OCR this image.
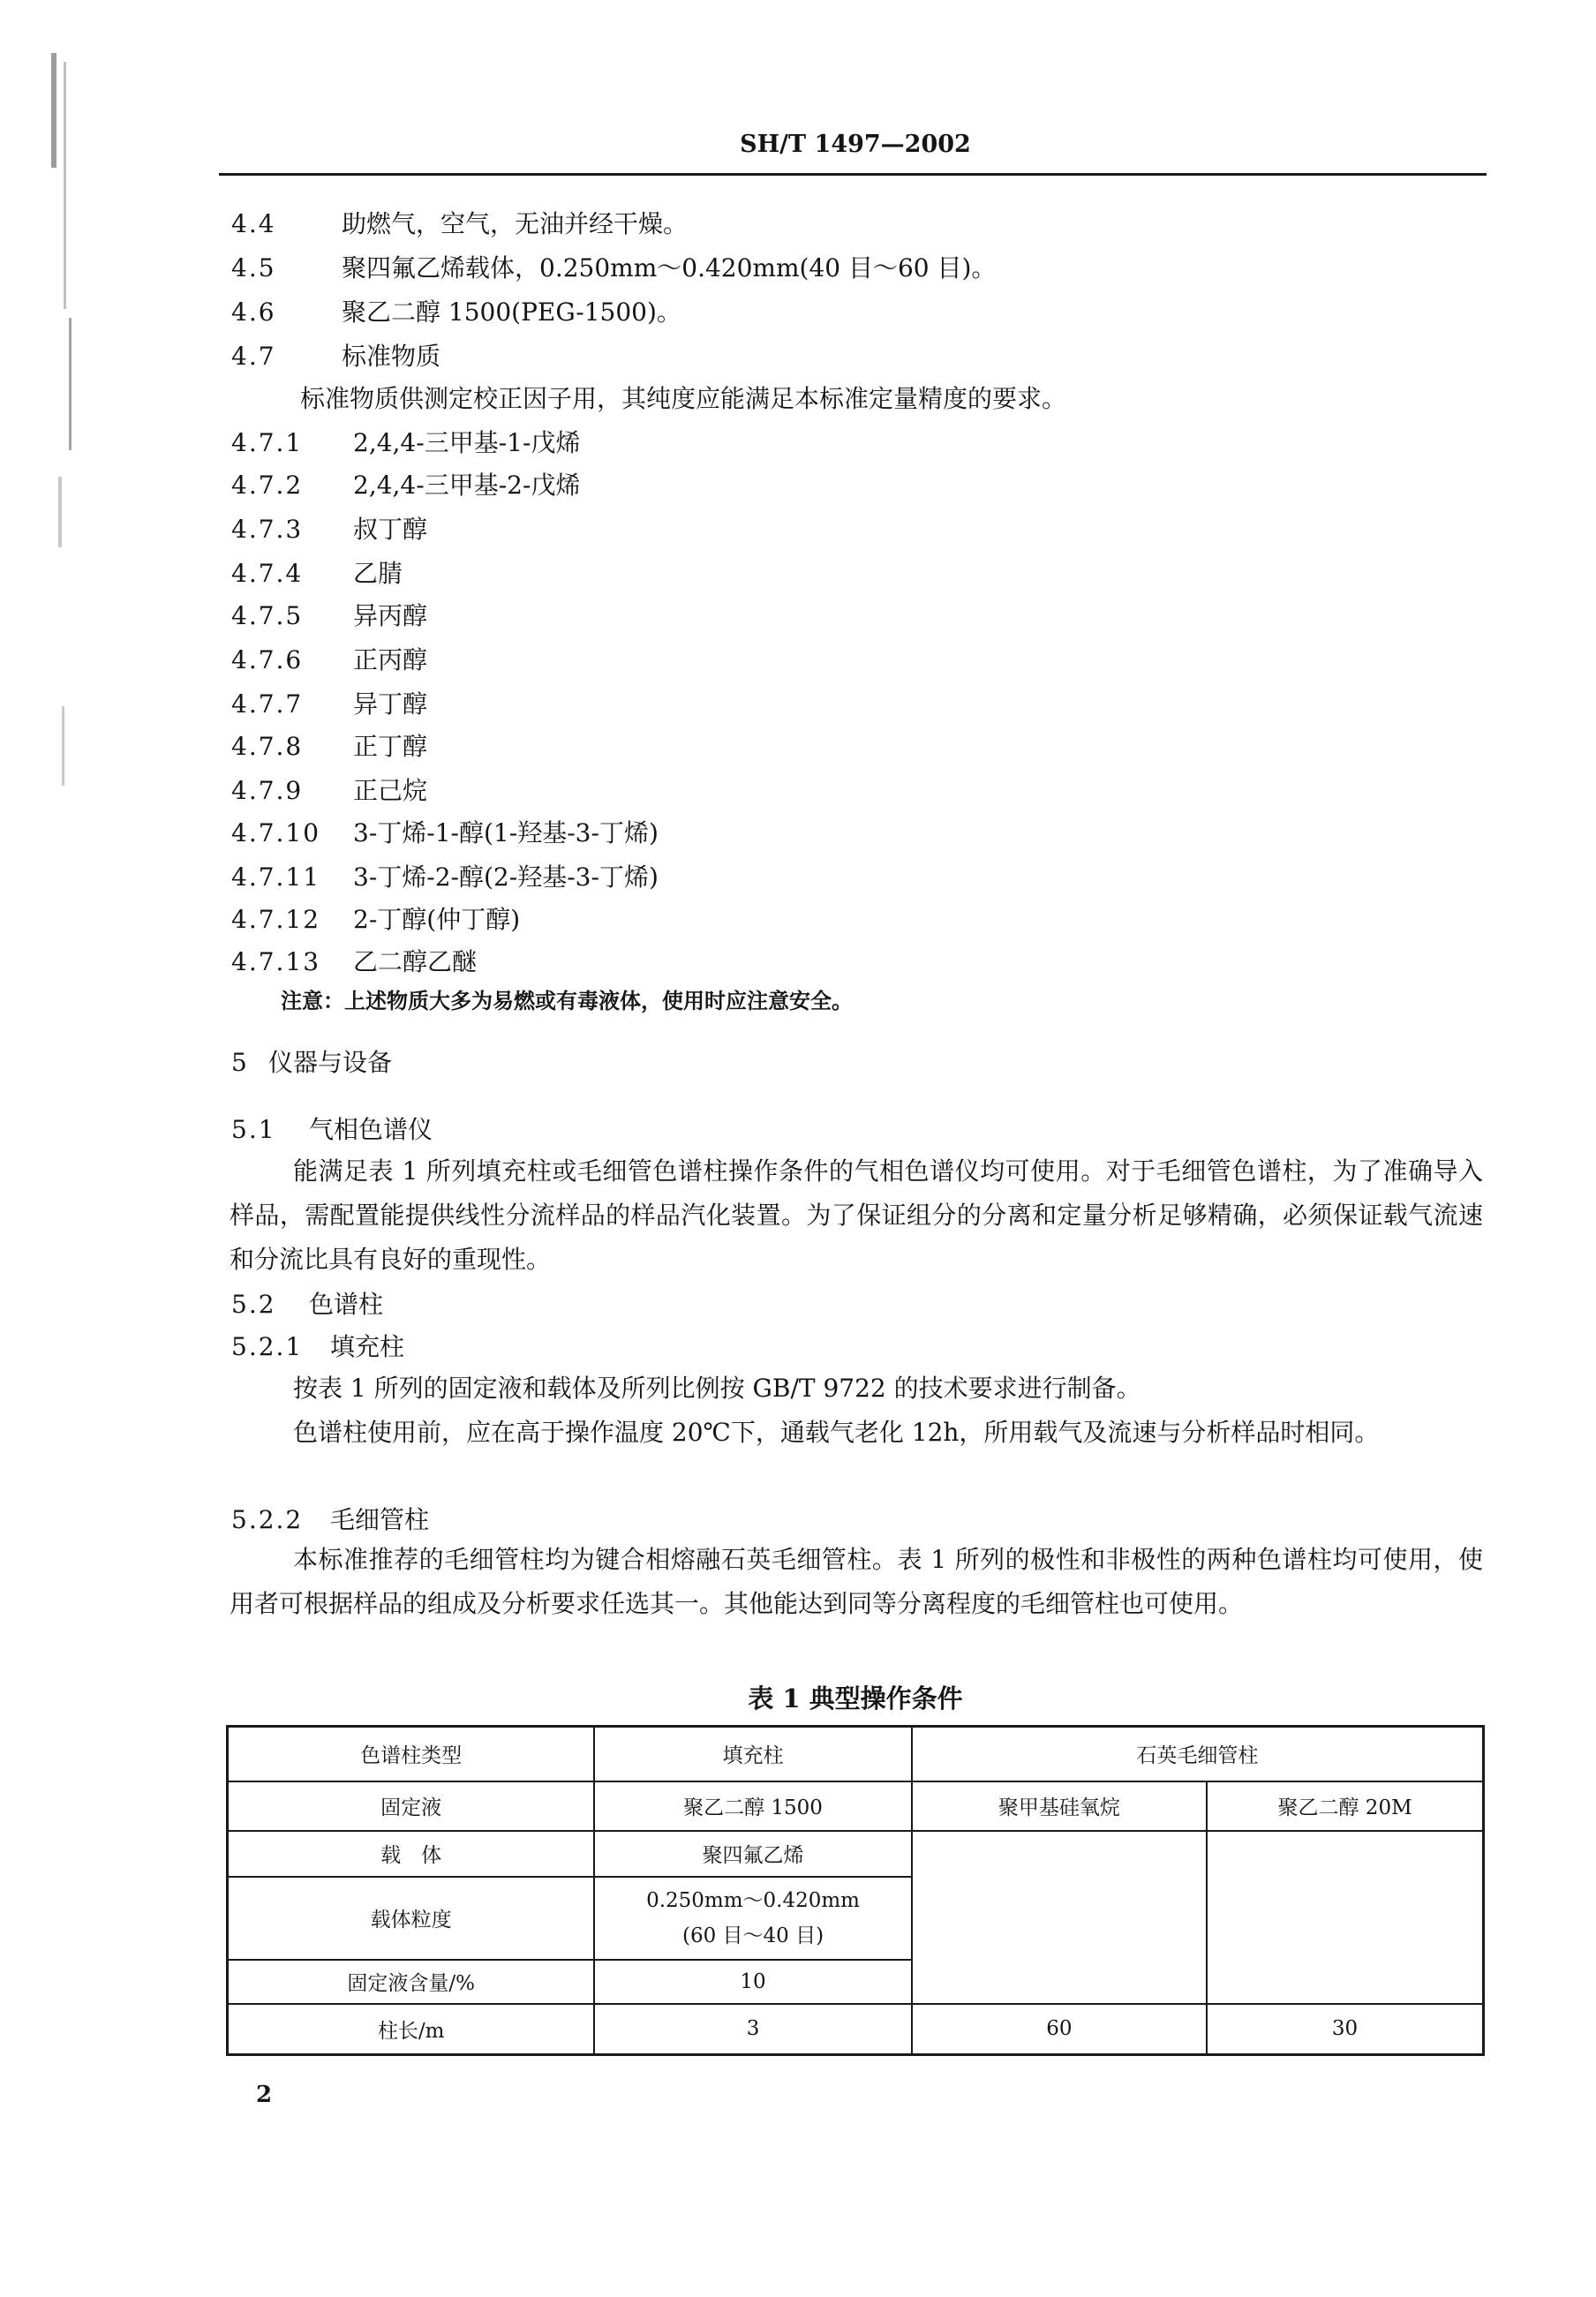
SH/T 1497—2002
4.4	助燃气，空气，无油并经干燥。
4.5	聚四氟乙烯载体，0.250mm～0.420mm(40 目～60 目)。
4.6	聚乙二醇 1500(PEG-1500)。
4.7	标准物质
标准物质供测定校正因子用，其纯度应能满足本标准定量精度的要求。
4.7.1 2,4,4-三甲基-1-戊烯
4.7.2 2,4,4-三甲基-2-戊烯
4.7.3 叔丁醇
4.7.4 乙腈
4.7.5 异丙醇
4.7.6 正丙醇
4.7.7 异丁醇
4.7.8 正丁醇
4.7.9 正己烷
4.7.10 3-丁烯-1-醇(1-羟基-3-丁烯)
4.7.11 3-丁烯-2-醇(2-羟基-3-丁烯)
4.7.12 2-丁醇(仲丁醇)
4.7.13 乙二醇乙醚
注意：上述物质大多为易燃或有毒液体，使用时应注意安全。
5 仪器与设备
5.1 气相色谱仪
能满足表 1 所列填充柱或毛细管色谱柱操作条件的气相色谱仪均可使用。对于毛细管色谱柱，为了准确导入样品，需配置能提供线性分流样品的样品汽化装置。为了保证组分的分离和定量分析足够精确，必须保证载气流速和分流比具有良好的重现性。
5.2 色谱柱
5.2.1 填充柱
按表 1 所列的固定液和载体及所列比例按 GB/T 9722 的技术要求进行制备。
色谱柱使用前，应在高于操作温度 20℃下，通载气老化 12h，所用载气及流速与分析样品时相同。
5.2.2 毛细管柱
本标准推荐的毛细管柱均为键合相熔融石英毛细管柱。表 1 所列的极性和非极性的两种色谱柱均可使用，使用者可根据样品的组成及分析要求任选其一。其他能达到同等分离程度的毛细管柱也可使用。
表 1 典型操作条件
色谱柱类型	填充柱	石英毛细管柱	
固定液	聚乙二醇 1500	聚甲基硅氧烷	聚乙二醇 20M
载　体	聚四氟乙烯		
载体粒度	0.250mm～0.420mm
(60 目～40 目)		

固定液含量/%	10		
柱长/m	3	60	30
2
